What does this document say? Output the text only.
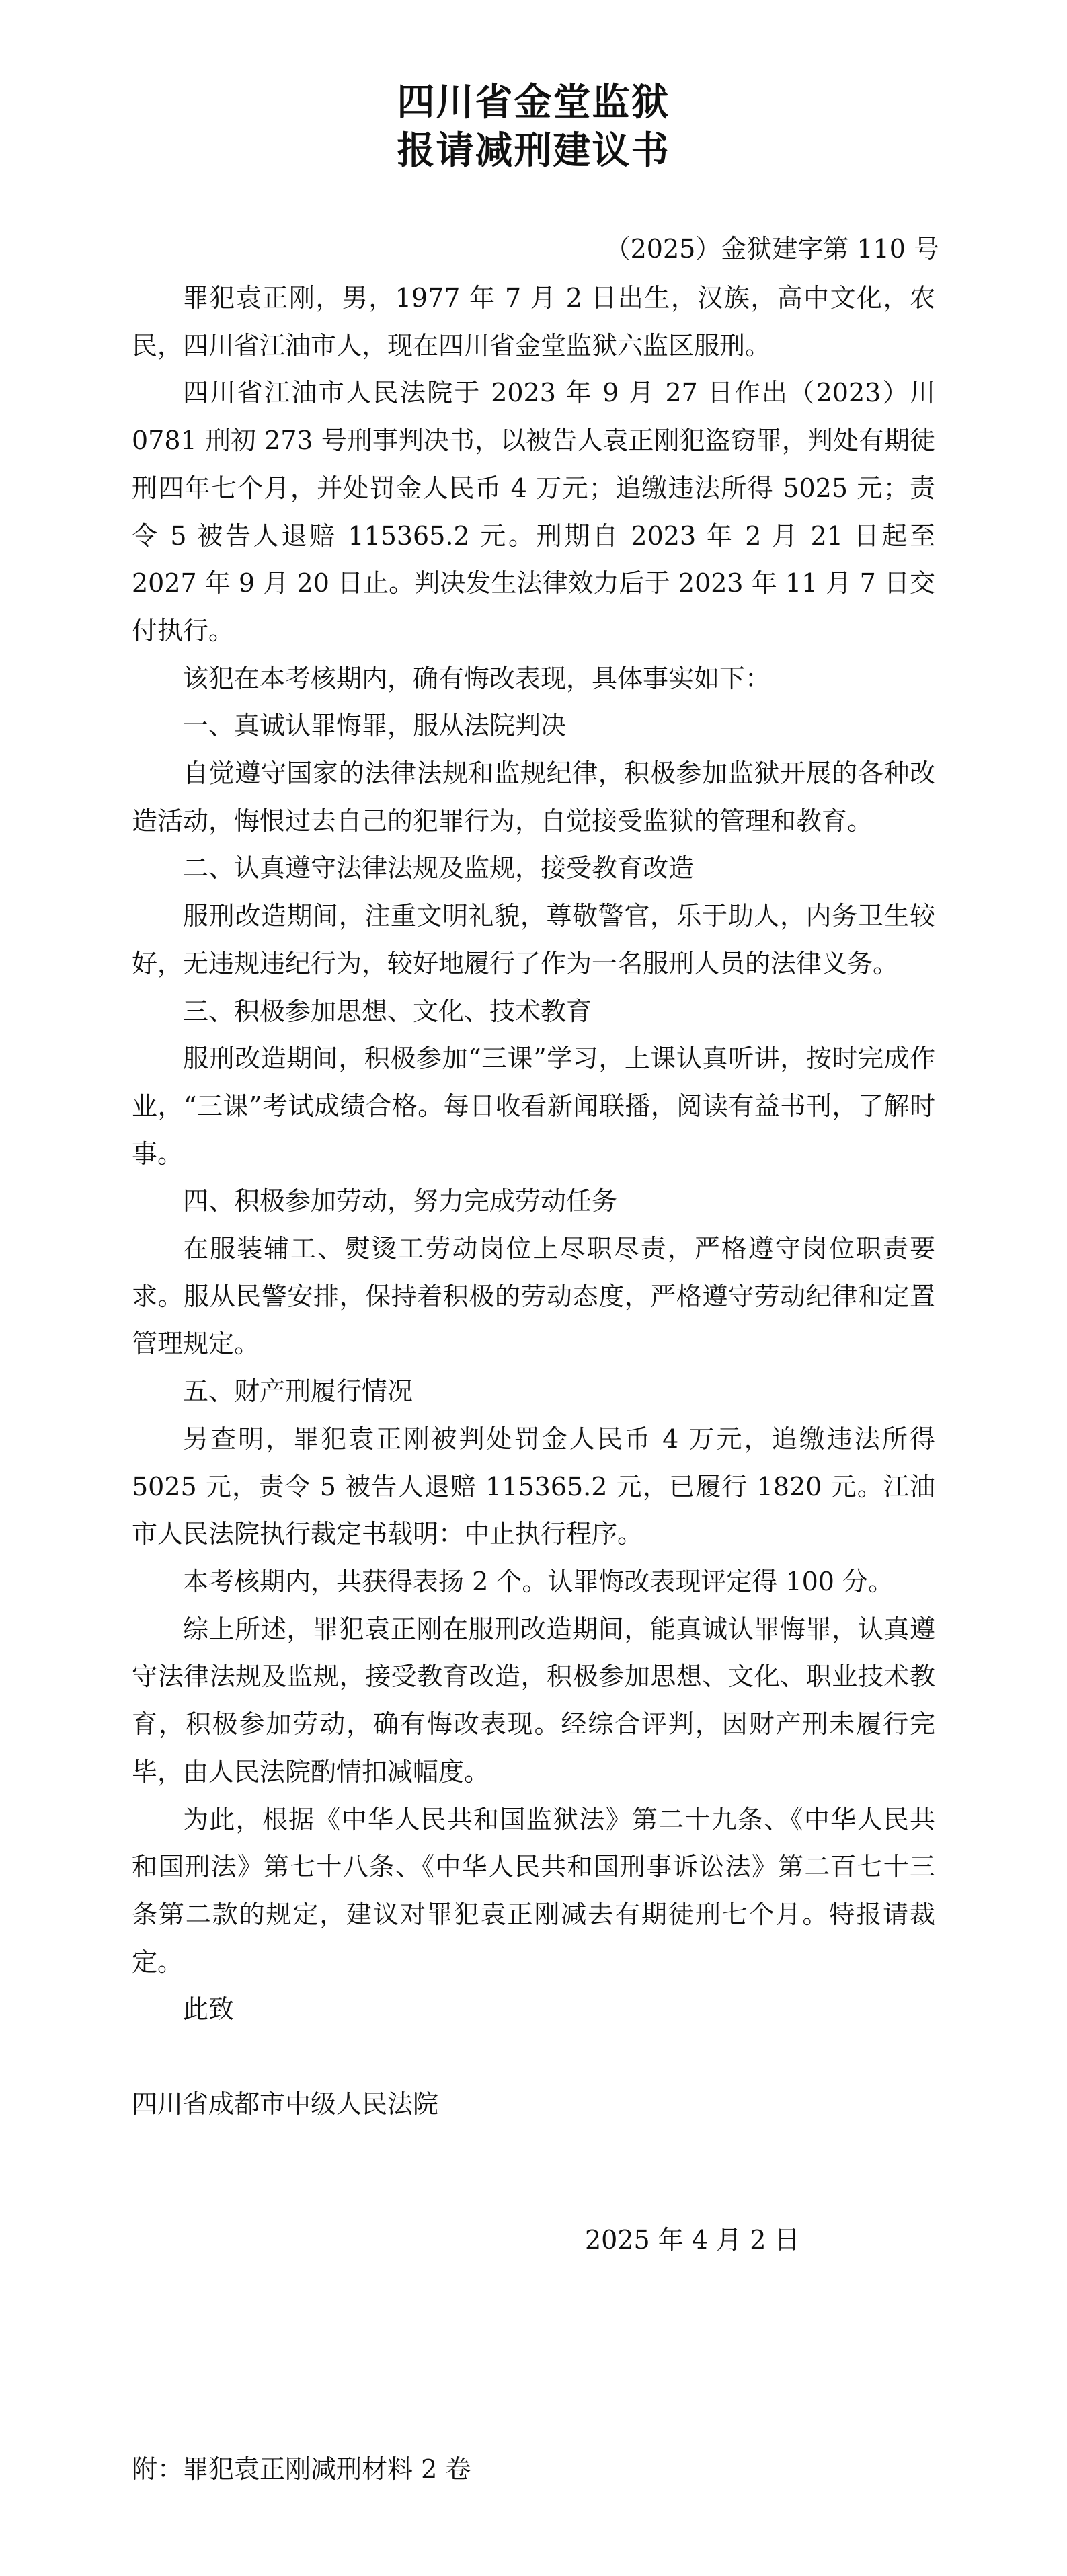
四川省金堂监狱
报请减刑建议书
（2025）金狱建字第 110 号

罪犯袁正刚，男，1977 年 7 月 2 日出生，汉族，高中文化，农民，四川省江油市人，现在四川省金堂监狱六监区服刑。

四川省江油市人民法院于 2023 年 9 月 27 日作出（2023）川 0781 刑初 273 号刑事判决书，以被告人袁正刚犯盗窃罪，判处有期徒刑四年七个月，并处罚金人民币 4 万元；追缴违法所得 5025 元；责令 5 被告人退赔 115365.2 元。刑期自 2023 年 2 月 21 日起至 2027 年 9 月 20 日止。判决发生法律效力后于 2023 年 11 月 7 日交付执行。

该犯在本考核期内，确有悔改表现，具体事实如下：

一、真诚认罪悔罪，服从法院判决

自觉遵守国家的法律法规和监规纪律，积极参加监狱开展的各种改造活动，悔恨过去自己的犯罪行为，自觉接受监狱的管理和教育。

二、认真遵守法律法规及监规，接受教育改造

服刑改造期间，注重文明礼貌，尊敬警官，乐于助人，内务卫生较好，无违规违纪行为，较好地履行了作为一名服刑人员的法律义务。

三、积极参加思想、文化、技术教育

服刑改造期间，积极参加“三课”学习，上课认真听讲，按时完成作业，“三课”考试成绩合格。每日收看新闻联播，阅读有益书刊，了解时事。

四、积极参加劳动，努力完成劳动任务

在服装辅工、熨烫工劳动岗位上尽职尽责，严格遵守岗位职责要求。服从民警安排，保持着积极的劳动态度，严格遵守劳动纪律和定置管理规定。

五、财产刑履行情况

另查明，罪犯袁正刚被判处罚金人民币 4 万元，追缴违法所得 5025 元，责令 5 被告人退赔 115365.2 元，已履行 1820 元。江油市人民法院执行裁定书载明：中止执行程序。

本考核期内，共获得表扬 2 个。认罪悔改表现评定得 100 分。

综上所述，罪犯袁正刚在服刑改造期间，能真诚认罪悔罪，认真遵守法律法规及监规，接受教育改造，积极参加思想、文化、职业技术教育，积极参加劳动，确有悔改表现。经综合评判，因财产刑未履行完毕，由人民法院酌情扣减幅度。

为此，根据《中华人民共和国监狱法》第二十九条、《中华人民共和国刑法》第七十八条、《中华人民共和国刑事诉讼法》第二百七十三条第二款的规定，建议对罪犯袁正刚减去有期徒刑七个月。特报请裁定。

此致

四川省成都市中级人民法院
2025 年 4 月 2 日
附：罪犯袁正刚减刑材料 2 卷
